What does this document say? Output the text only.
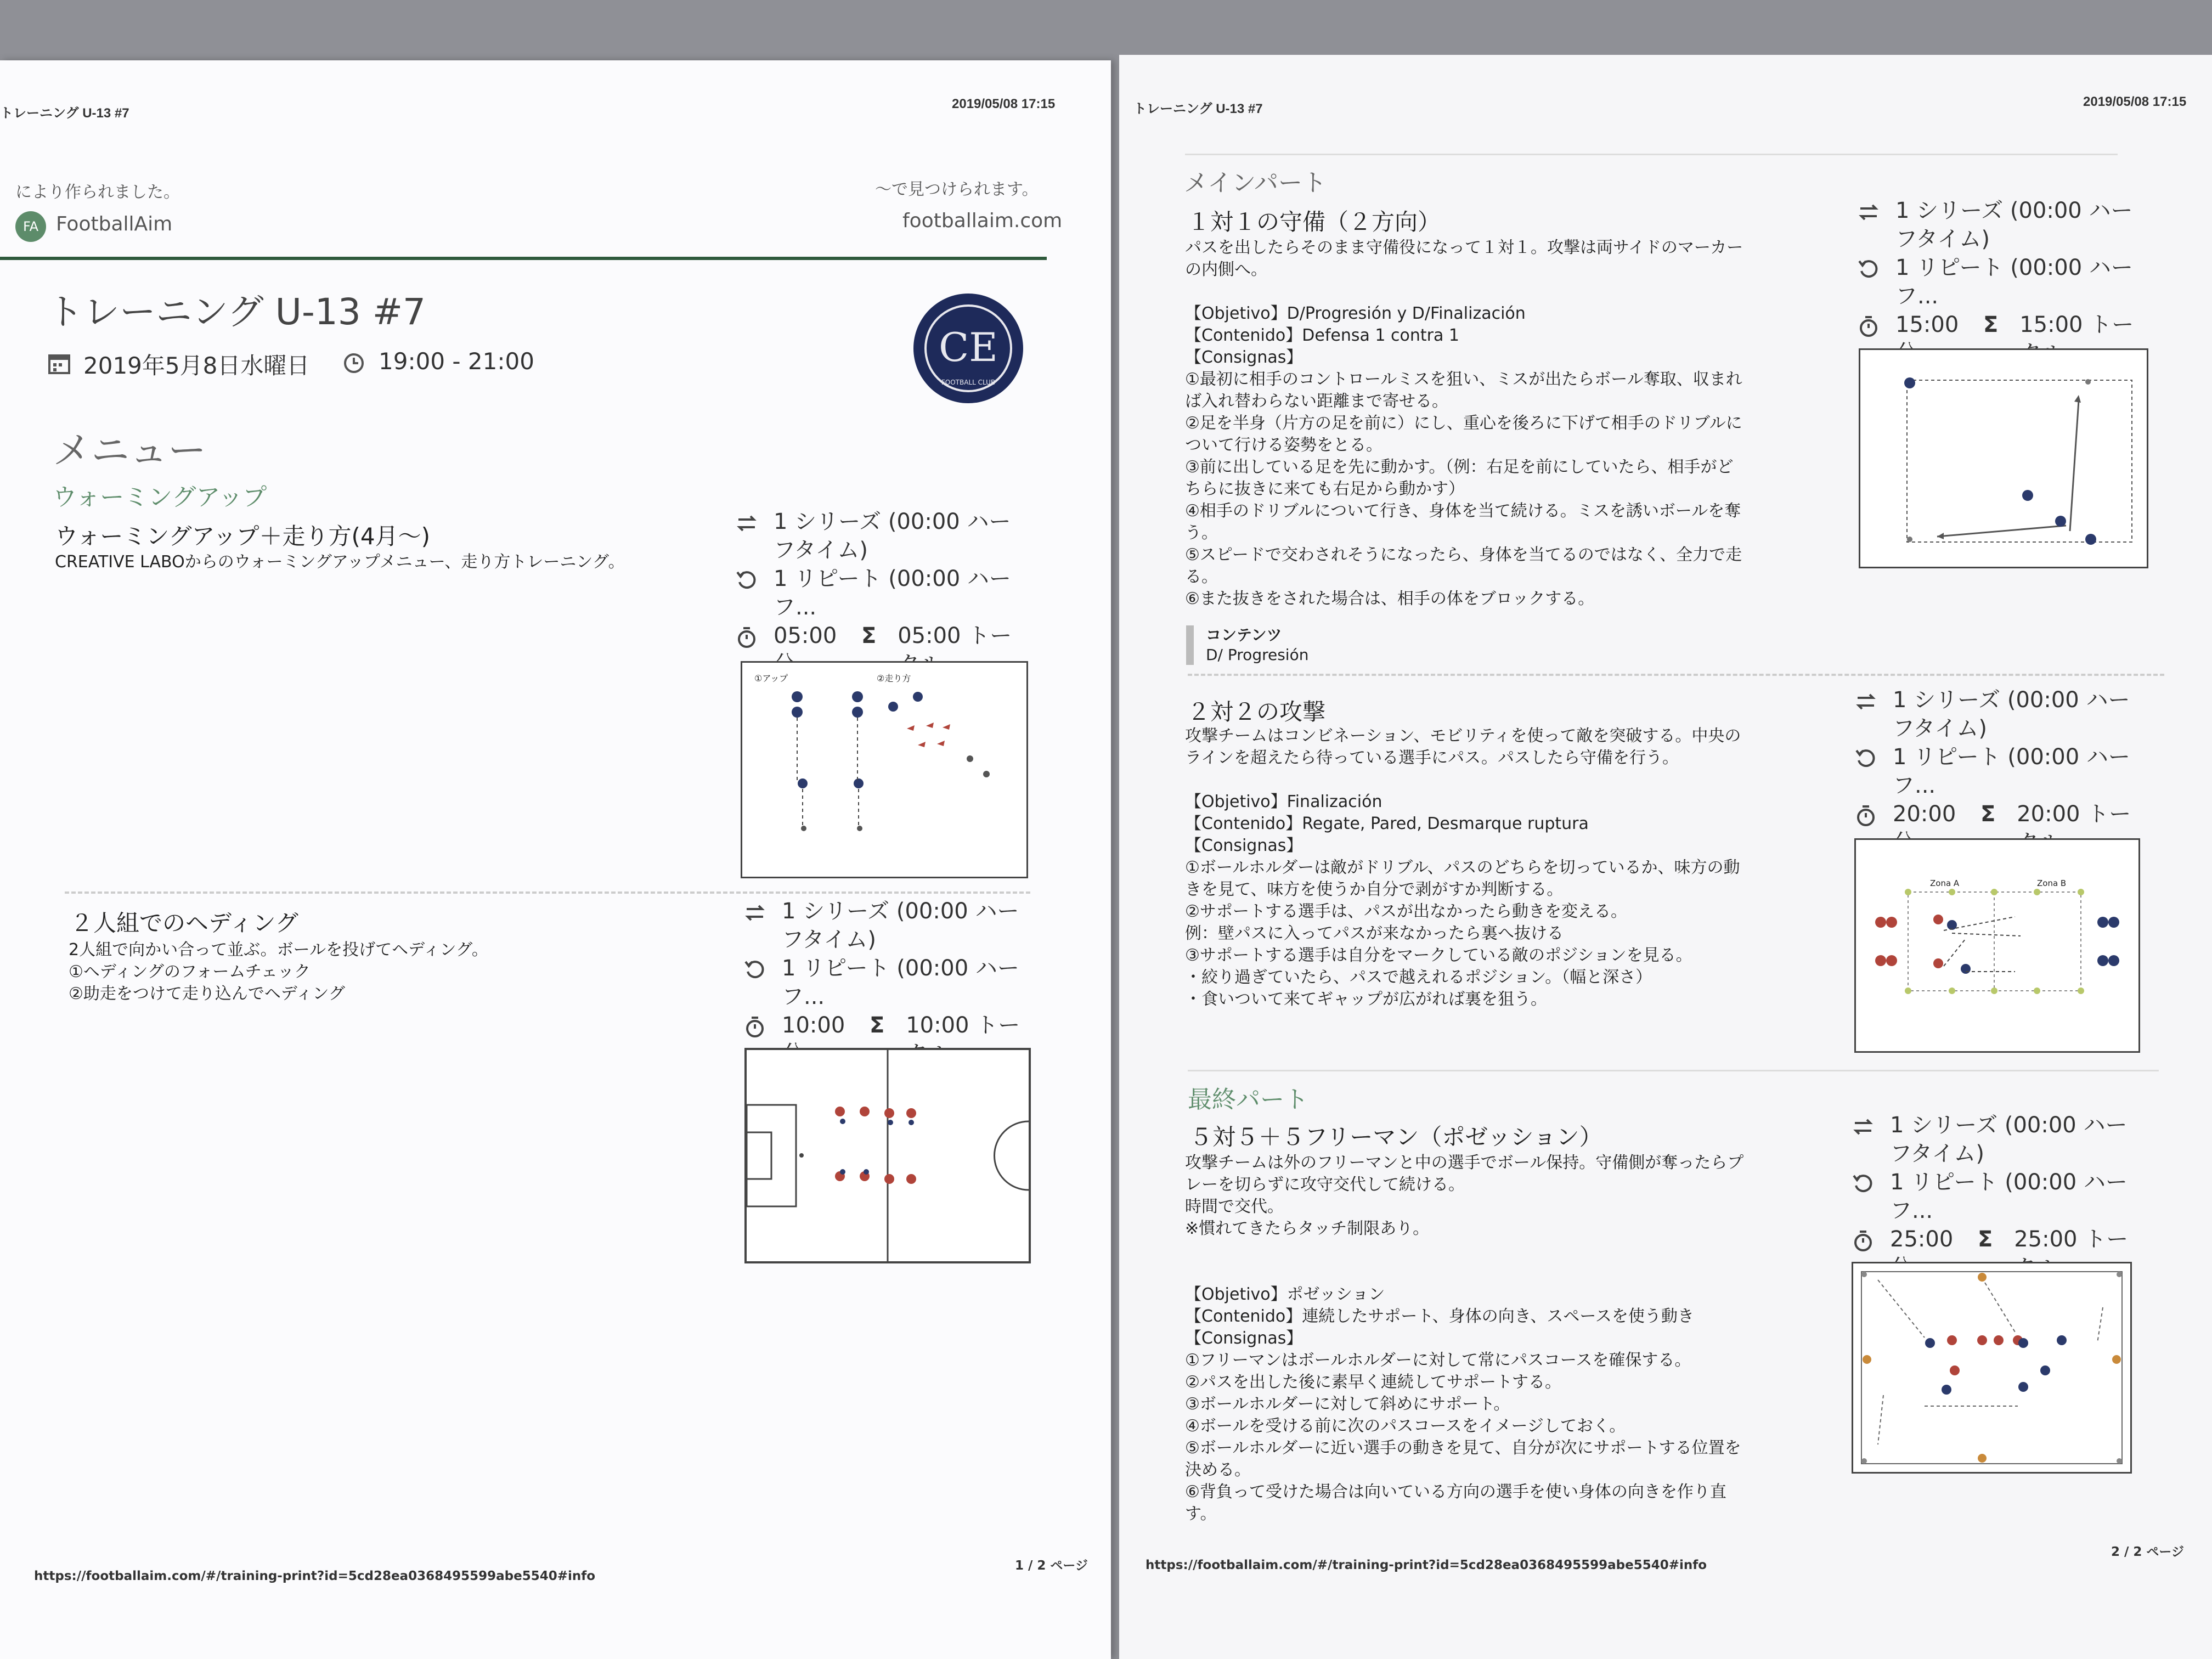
トレーニング U-13 #7
2019/05/08 17:15
により作られました。	〜で見つけられます。
FA FootballAim	footballaim.com
トレーニング U-13 #7
CE
FOOTBALL CLUB
2019年5月8日水曜日	19:00 - 21:00
メニュー
ウォーミングアップ
ウォーミングアップ＋走り方(4月〜)
CREATIVE LABOからのウォーミングアップメニュー、走り方トレーニング。
1 シリーズ (00:00 ハーフタイム)
1 リピート (00:00 ハーフ...
05:00	Σ 05:00 トー
①アップ	②走り方
２人組でのヘディング
2人組で向かい合って並ぶ。ボールを投げてヘディング。
①ヘディングのフォームチェック
②助走をつけて走り込んでヘディング
1 シリーズ (00:00 ハーフタイム)
1 リピート (00:00 ハーフ...
10:00	Σ 10:00 トー
https://footballaim.com/#/training-print?id=5cd28ea0368495599abe5540#info
1 / 2 ページ
トレーニング U-13 #7	2019/05/08 17:15
メインパート
１対１の守備（２方向）
パスを出したらそのまま守備役になって１対１。攻撃は両サイドのマーカー
の内側へ。
【Objetivo】D/Progresión y D/Finalización
【Contenido】Defensa 1 contra 1
【Consignas】
①最初に相手のコントロールミスを狙い、ミスが出たらボール奪取、収まれ
ば入れ替わらない距離まで寄せる。
②足を半身（片方の足を前に）にし、重心を後ろに下げて相手のドリブルに
ついて行ける姿勢をとる。
③前に出している足を先に動かす。（例：右足を前にしていたら、相手がど
ちらに抜きに来ても右足から動かす）
④相手のドリブルについて行き、身体を当て続ける。ミスを誘いボールを奪
う。
⑤スピードで交わされそうになったら、身体を当てるのではなく、全力で走
る。
⑥また抜きをされた場合は、相手の体をブロックする。
コンテンツ
D/ Progresión
1 シリーズ (00:00 ハーフタイム)
1 リピート (00:00 ハーフ...
15:00	Σ 15:00 トー
２対２の攻撃
攻撃チームはコンビネーション、モビリティを使って敵を突破する。中央の
ラインを超えたら待っている選手にパス。パスしたら守備を行う。
【Objetivo】Finalización
【Contenido】Regate, Pared, Desmarque ruptura
【Consignas】
①ボールホルダーは敵がドリブル、パスのどちらを切っているか、味方の動
きを見て、味方を使うか自分で剥がすか判断する。
②サポートする選手は、パスが出なかったら動きを変える。
例：壁パスに入ってパスが来なかったら裏へ抜ける
③サポートする選手は自分をマークしている敵のポジションを見る。
・絞り過ぎていたら、パスで越えれるポジション。（幅と深さ）
・食いついて来てギャップが広がれば裏を狙う。
1 シリーズ (00:00 ハーフタイム)
1 リピート (00:00 ハーフ...
20:00	Σ 20:00 トー
Zona A	Zona B
最終パート
５対５＋５フリーマン（ポゼッション）
攻撃チームは外のフリーマンと中の選手でボール保持。守備側が奪ったらプ
レーを切らずに攻守交代して続ける。
時間で交代。
※慣れてきたらタッチ制限あり。
【Objetivo】ポゼッション
【Contenido】連続したサポート、身体の向き、スペースを使う動き
【Consignas】
①フリーマンはボールホルダーに対して常にパスコースを確保する。
②パスを出した後に素早く連続してサポートする。
③ボールホルダーに対して斜めにサポート。
④ボールを受ける前に次のパスコースをイメージしておく。
⑤ボールホルダーに近い選手の動きを見て、自分が次にサポートする位置を
決める。
⑥背負って受けた場合は向いている方向の選手を使い身体の向きを作り直
す。
1 シリーズ (00:00 ハーフタイム)
1 リピート (00:00 ハーフ...
25:00	Σ 25:00 トー
https://footballaim.com/#/training-print?id=5cd28ea0368495599abe5540#info
2 / 2 ページ
